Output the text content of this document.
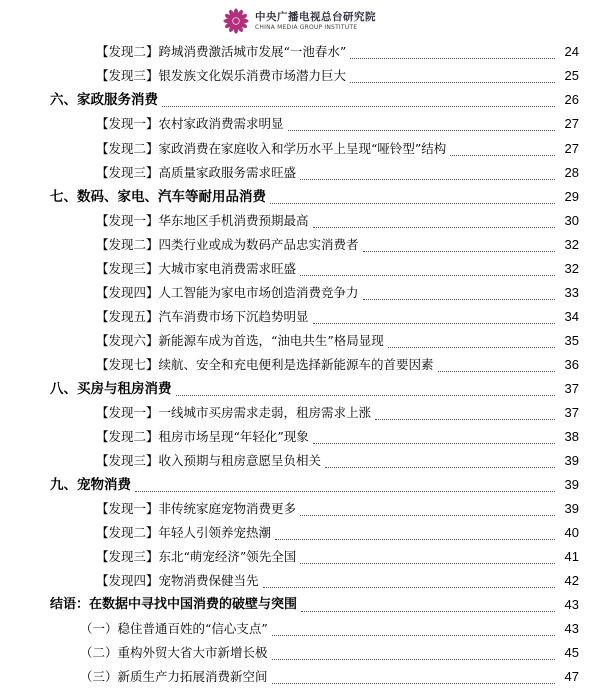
中央广播电视总台研究院
CHINA MEDIA GROUP INSTITUTE
【发现二】跨城消费激活城市发展“一池春水”	24
【发现三】银发族文化娱乐消费市场潜力巨大	25
六、家政服务消费	26
【发现一】农村家政消费需求明显	27
【发现二】家政消费在家庭收入和学历水平上呈现“哑铃型”结构	27
【发现三】高质量家政服务需求旺盛	28
七、数码、家电、汽车等耐用品消费	29
【发现一】华东地区手机消费预期最高	30
【发现二】四类行业或成为数码产品忠实消费者	32
【发现三】大城市家电消费需求旺盛	32
【发现四】人工智能为家电市场创造消费竞争力	33
【发现五】汽车消费市场下沉趋势明显	34
【发现六】新能源车成为首选，“油电共生”格局显现	35
【发现七】续航、安全和充电便利是选择新能源车的首要因素	36
八、买房与租房消费	37
【发现一】一线城市买房需求走弱，租房需求上涨	37
【发现二】租房市场呈现“年轻化”现象	38
【发现三】收入预期与租房意愿呈负相关	39
九、宠物消费	39
【发现一】非传统家庭宠物消费更多	39
【发现二】年轻人引领养宠热潮	40
【发现三】东北“萌宠经济”领先全国	41
【发现四】宠物消费保健当先	42
结语：在数据中寻找中国消费的破壁与突围	43
（一）稳住普通百姓的“信心支点”	43
（二）重构外贸大省大市新增长极	45
（三）新质生产力拓展消费新空间	47
